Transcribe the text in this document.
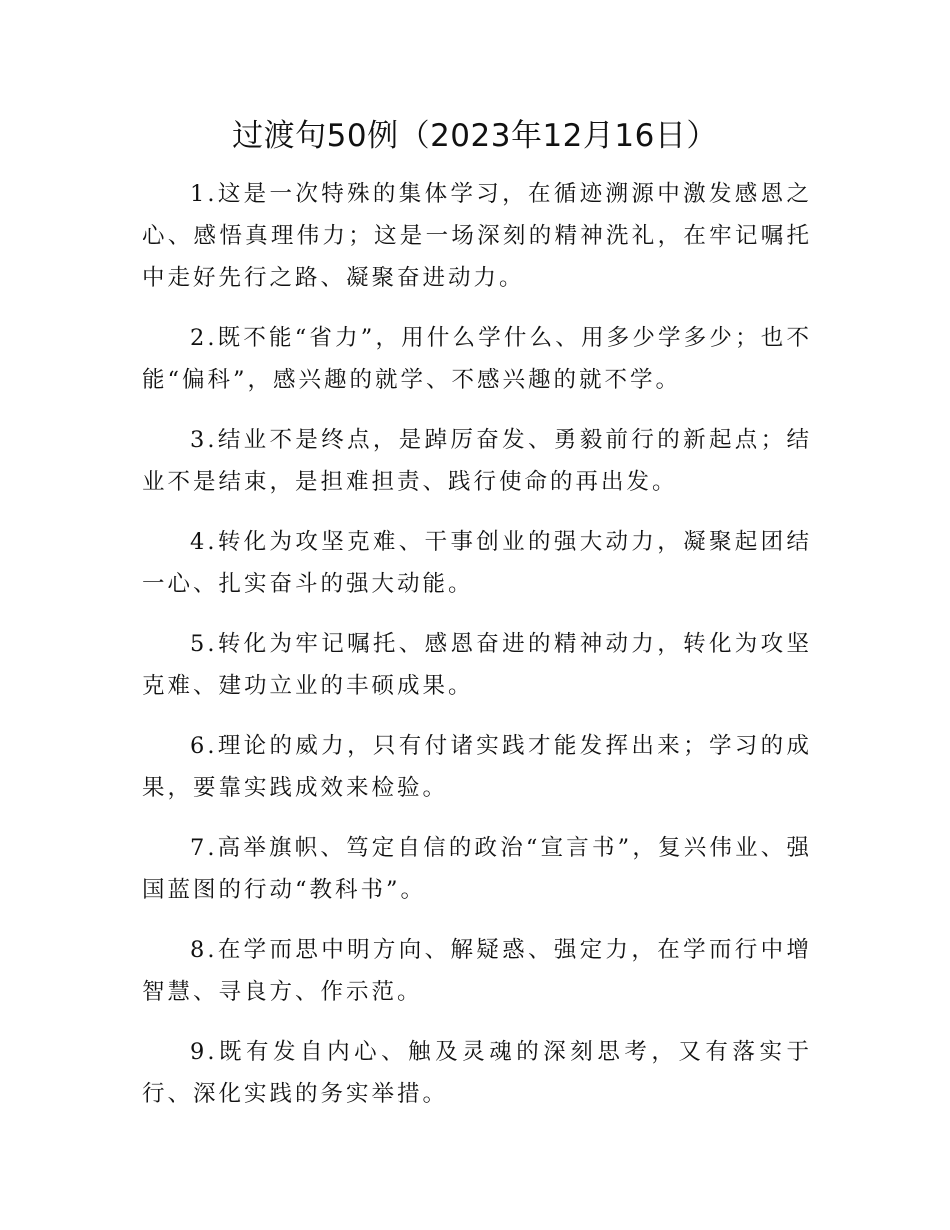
过渡句50例（2023年12月16日）

1.这是一次特殊的集体学习，在循迹溯源中激发感恩之心、感悟真理伟力；这是一场深刻的精神洗礼，在牢记嘱托中走好先行之路、凝聚奋进动力。

2.既不能“省力”，用什么学什么、用多少学多少；也不能“偏科”，感兴趣的就学、不感兴趣的就不学。

3.结业不是终点，是踔厉奋发、勇毅前行的新起点；结业不是结束，是担难担责、践行使命的再出发。

4.转化为攻坚克难、干事创业的强大动力，凝聚起团结一心、扎实奋斗的强大动能。

5.转化为牢记嘱托、感恩奋进的精神动力，转化为攻坚克难、建功立业的丰硕成果。

6.理论的威力，只有付诸实践才能发挥出来；学习的成果，要靠实践成效来检验。

7.高举旗帜、笃定自信的政治“宣言书”，复兴伟业、强国蓝图的行动“教科书”。

8.在学而思中明方向、解疑惑、强定力，在学而行中增智慧、寻良方、作示范。

9.既有发自内心、触及灵魂的深刻思考，又有落实于行、深化实践的务实举措。
